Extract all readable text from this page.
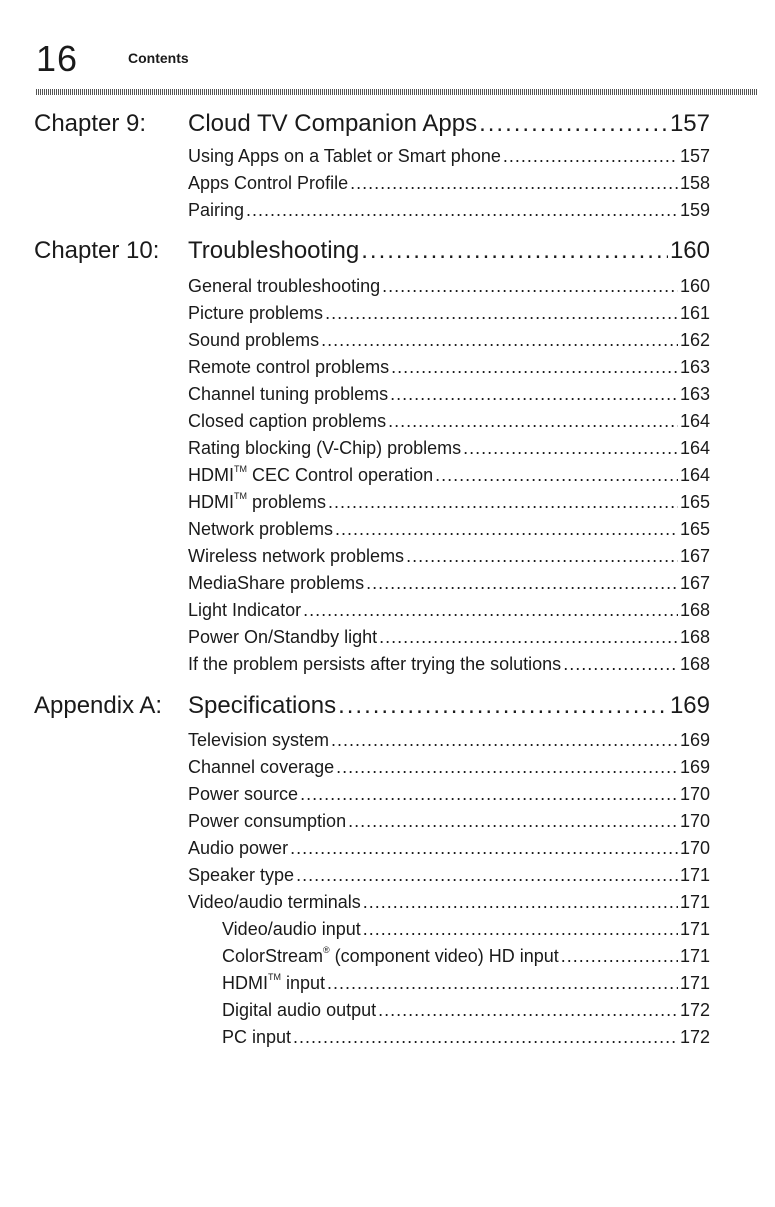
16	Contents
Chapter 9: Cloud TV Companion Apps .....	157
Using Apps on a Tablet or Smart phone .....	157
Apps Control Profile .....	158
Pairing .....	159
Chapter 10: Troubleshooting .....	160
General troubleshooting .....	160
Picture problems .....	161
Sound problems .....	162
Remote control problems .....	163
Channel tuning problems .....	163
Closed caption problems .....	164
Rating blocking (V-Chip) problems .....	164
HDMI™ CEC Control operation .....	164
HDMI™ problems .....	165
Network problems .....	165
Wireless network problems .....	167
MediaShare problems .....	167
Light Indicator .....	168
Power On/Standby light .....	168
If the problem persists after trying the solutions .....	168
Appendix A: Specifications .....	169
Television system .....	169
Channel coverage .....	169
Power source .....	170
Power consumption .....	170
Audio power .....	170
Speaker type .....	171
Video/audio terminals .....	171
Video/audio input .....	171
ColorStream® (component video) HD input .....	171
HDMI™ input .....	171
Digital audio output .....	172
PC input .....	172
